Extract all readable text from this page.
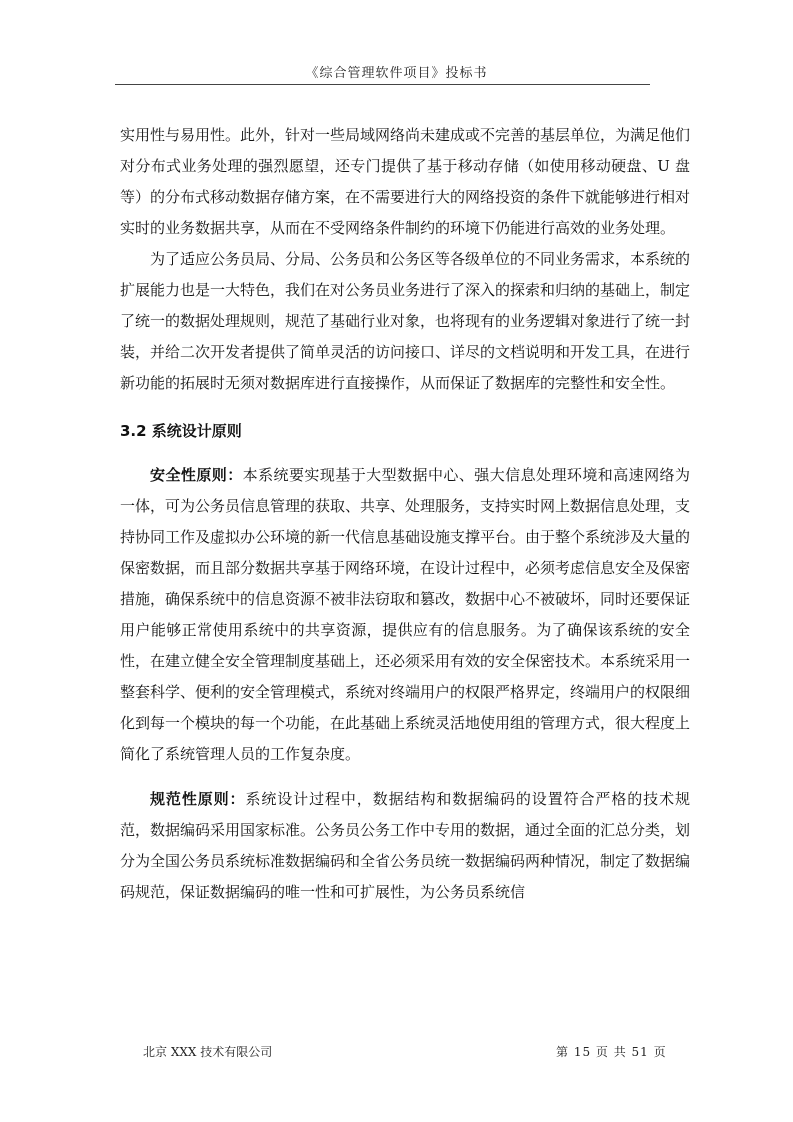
《综合管理软件项目》投标书

实用性与易用性。此外，针对一些局域网络尚未建成或不完善的基层单位，为满足他们对分布式业务处理的强烈愿望，还专门提供了基于移动存储（如使用移动硬盘、U 盘等）的分布式移动数据存储方案，在不需要进行大的网络投资的条件下就能够进行相对实时的业务数据共享，从而在不受网络条件制约的环境下仍能进行高效的业务处理。

为了适应公务员局、分局、公务员和公务区等各级单位的不同业务需求，本系统的扩展能力也是一大特色，我们在对公务员业务进行了深入的探索和归纳的基础上，制定了统一的数据处理规则，规范了基础行业对象，也将现有的业务逻辑对象进行了统一封装，并给二次开发者提供了简单灵活的访问接口、详尽的文档说明和开发工具，在进行新功能的拓展时无须对数据库进行直接操作，从而保证了数据库的完整性和安全性。

3.2 系统设计原则

安全性原则：本系统要实现基于大型数据中心、强大信息处理环境和高速网络为一体，可为公务员信息管理的获取、共享、处理服务，支持实时网上数据信息处理，支持协同工作及虚拟办公环境的新一代信息基础设施支撑平台。由于整个系统涉及大量的保密数据，而且部分数据共享基于网络环境，在设计过程中，必须考虑信息安全及保密措施，确保系统中的信息资源不被非法窃取和篡改，数据中心不被破坏，同时还要保证用户能够正常使用系统中的共享资源，提供应有的信息服务。为了确保该系统的安全性，在建立健全安全管理制度基础上，还必须采用有效的安全保密技术。本系统采用一整套科学、便利的安全管理模式，系统对终端用户的权限严格界定，终端用户的权限细化到每一个模块的每一个功能，在此基础上系统灵活地使用组的管理方式，很大程度上简化了系统管理人员的工作复杂度。

规范性原则：系统设计过程中，数据结构和数据编码的设置符合严格的技术规范，数据编码采用国家标准。公务员公务工作中专用的数据，通过全面的汇总分类，划分为全国公务员系统标准数据编码和全省公务员统一数据编码两种情况，制定了数据编码规范，保证数据编码的唯一性和可扩展性，为公务员系统信

北京 XXX 技术有限公司	第 15 页 共 51 页
